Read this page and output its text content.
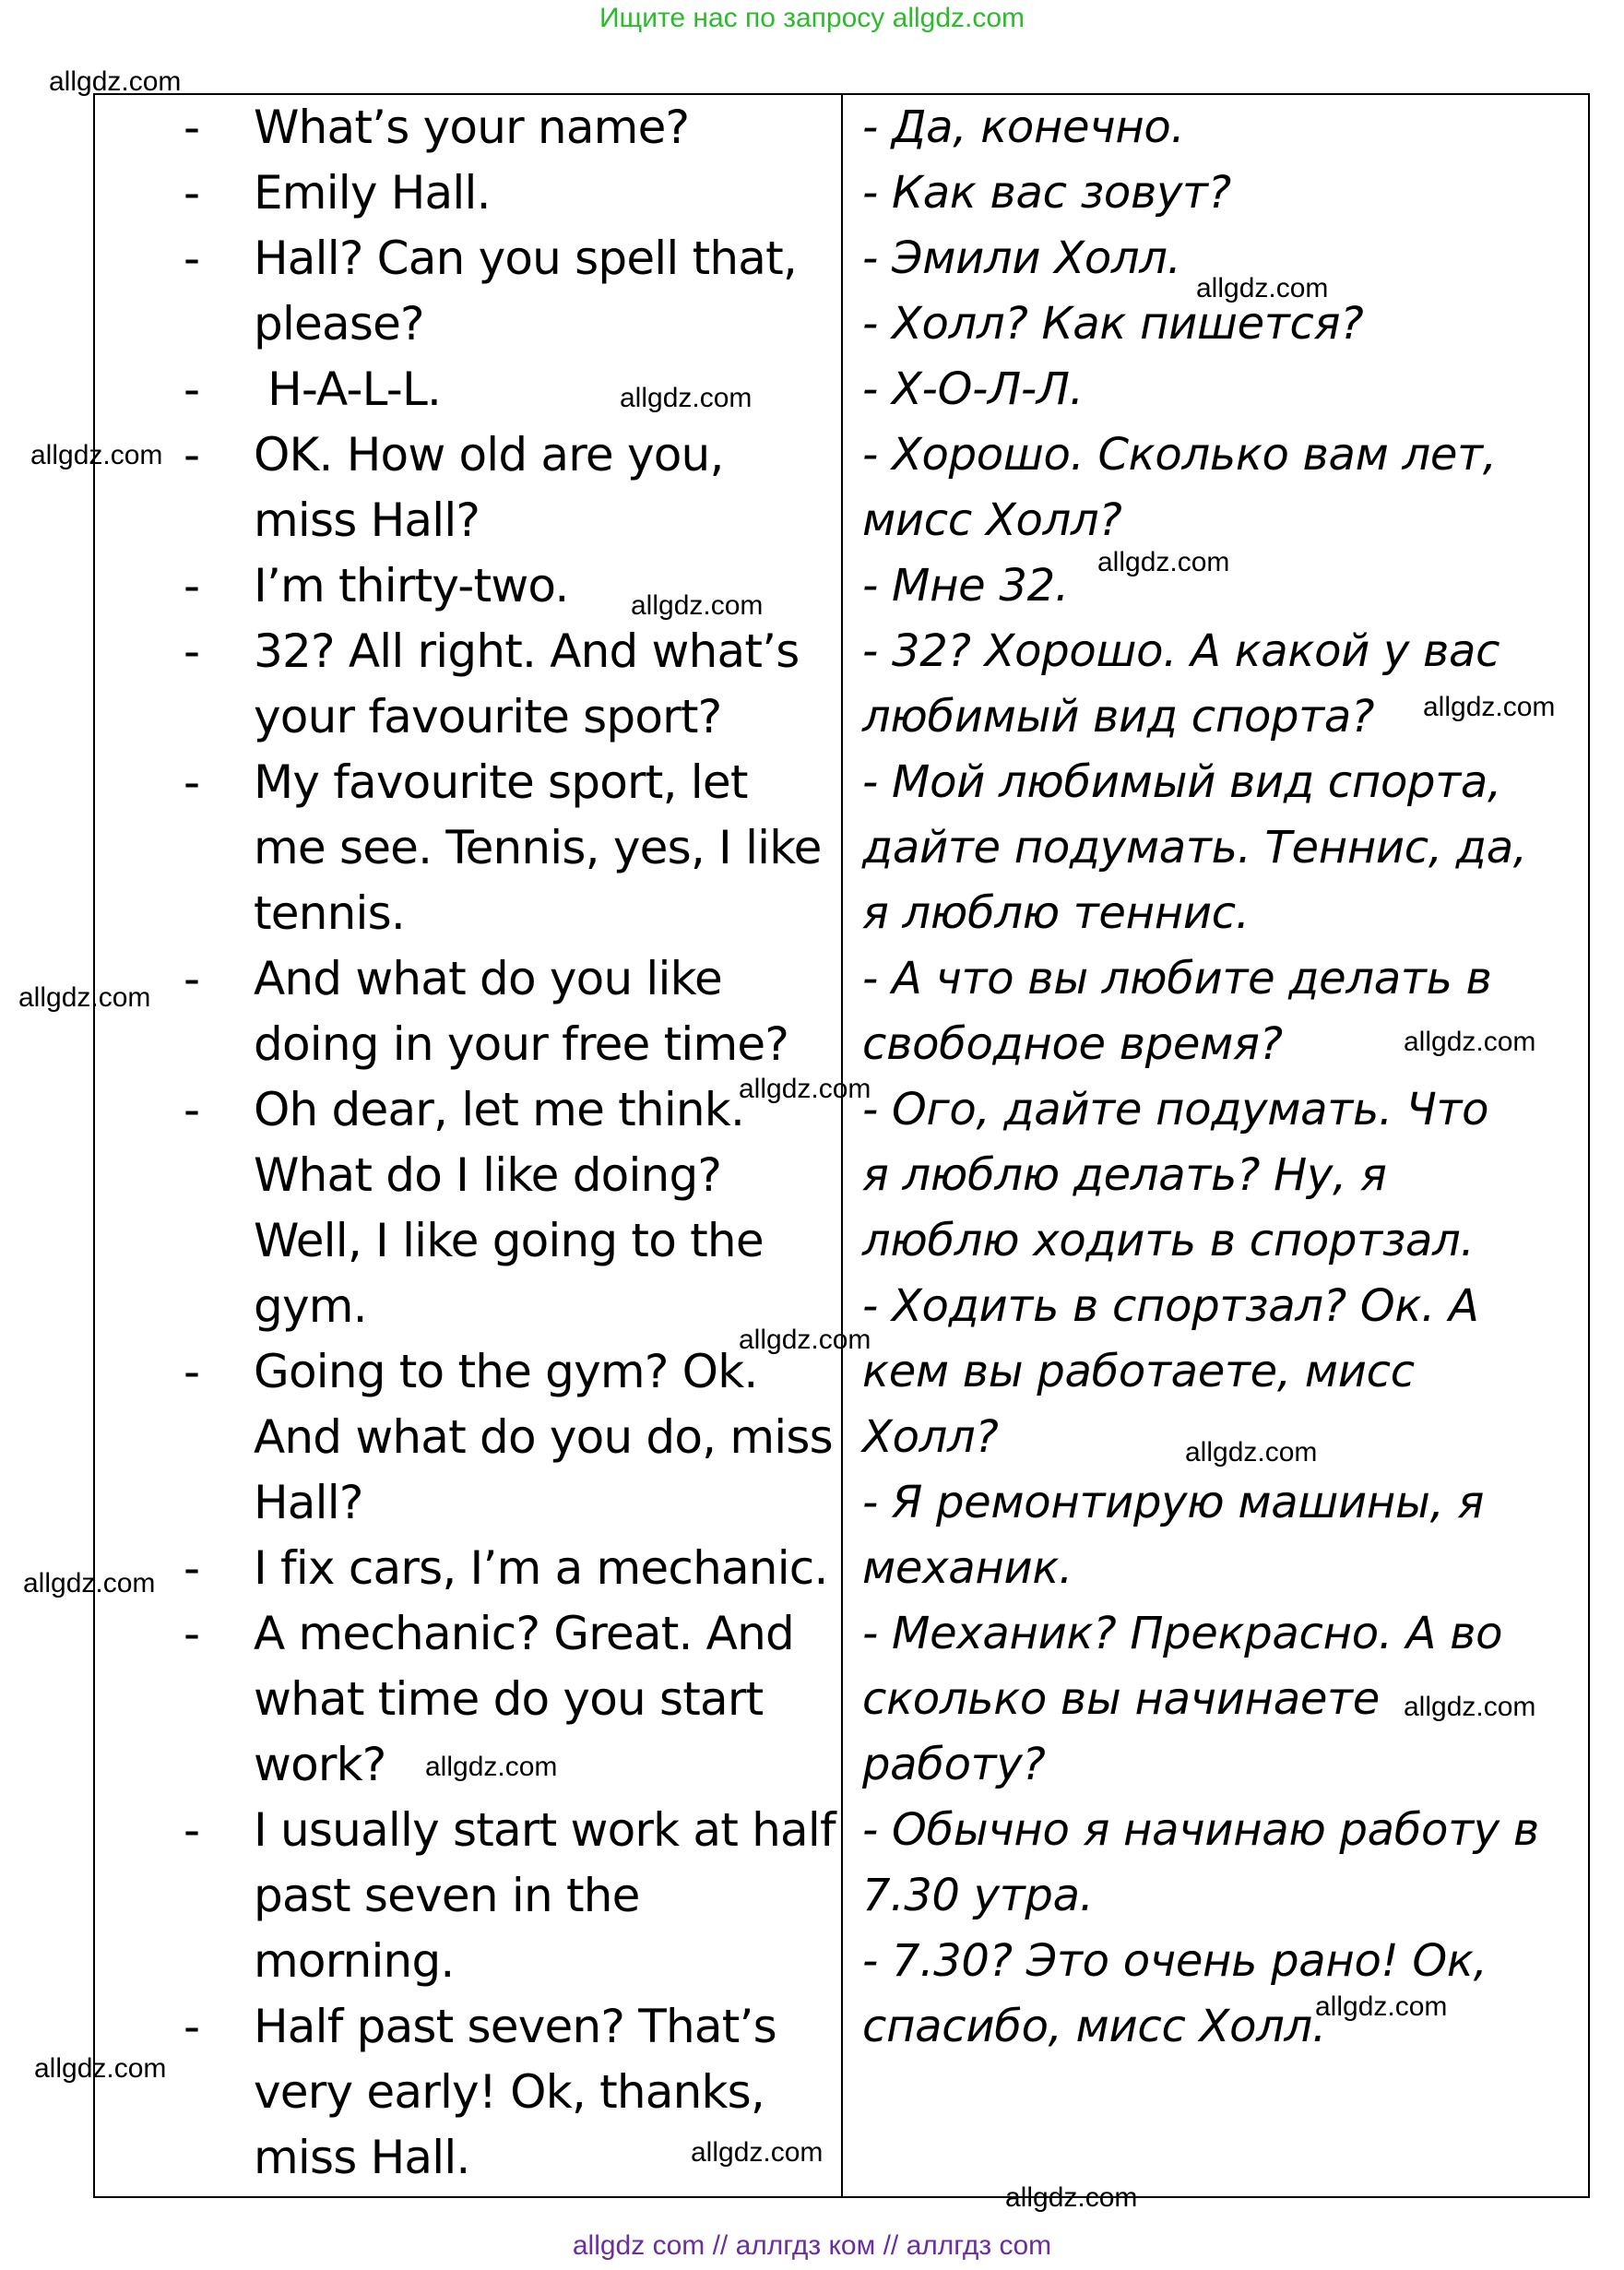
Ищите нас по запросу allgdz.com
- What’s your name?
- Emily Hall.
- Hall? Can you spell that,
please?
- H-A-L-L.
- OK. How old are you,
miss Hall?
- I’m thirty-two.
- 32? All right. And what’s
your favourite sport?
- My favourite sport, let
me see. Tennis, yes, I like
tennis.
- And what do you like
doing in your free time?
- Oh dear, let me think.
What do I like doing?
Well, I like going to the
gym.
- Going to the gym? Ok.
And what do you do, miss
Hall?
- I fix cars, I’m a mechanic.
- A mechanic? Great. And
what time do you start
work?
- I usually start work at half
past seven in the
morning.
- Half past seven? That’s
very early! Ok, thanks,
miss Hall.
- Да, конечно.
- Как вас зовут?
- Эмили Холл.
- Холл? Как пишется?
- Х-О-Л-Л.
- Хорошо. Сколько вам лет,
мисс Холл?
- Мне 32.
- 32? Хорошо. А какой у вас
любимый вид спорта?
- Мой любимый вид спорта,
дайте подумать. Теннис, да,
я люблю теннис.
- А что вы любите делать в
свободное время?
- Ого, дайте подумать. Что
я люблю делать? Ну, я
люблю ходить в спортзал.
- Ходить в спортзал? Ок. А
кем вы работаете, мисс
Холл?
- Я ремонтирую машины, я
механик.
- Механик? Прекрасно. А во
сколько вы начинаете
работу?
- Обычно я начинаю работу в
7.30 утра.
- 7.30? Это очень рано! Ок,
спасибо, мисс Холл.
allgdz.com
allgdz.com
allgdz.com
allgdz.com
allgdz.com
allgdz.com
allgdz.com
allgdz.com
allgdz.com
allgdz.com
allgdz.com
allgdz.com
allgdz.com
allgdz.com
allgdz.com
allgdz.com
allgdz.com
allgdz.com
allgdz.com
allgdz com // аллгдз ком // аллгдз com
